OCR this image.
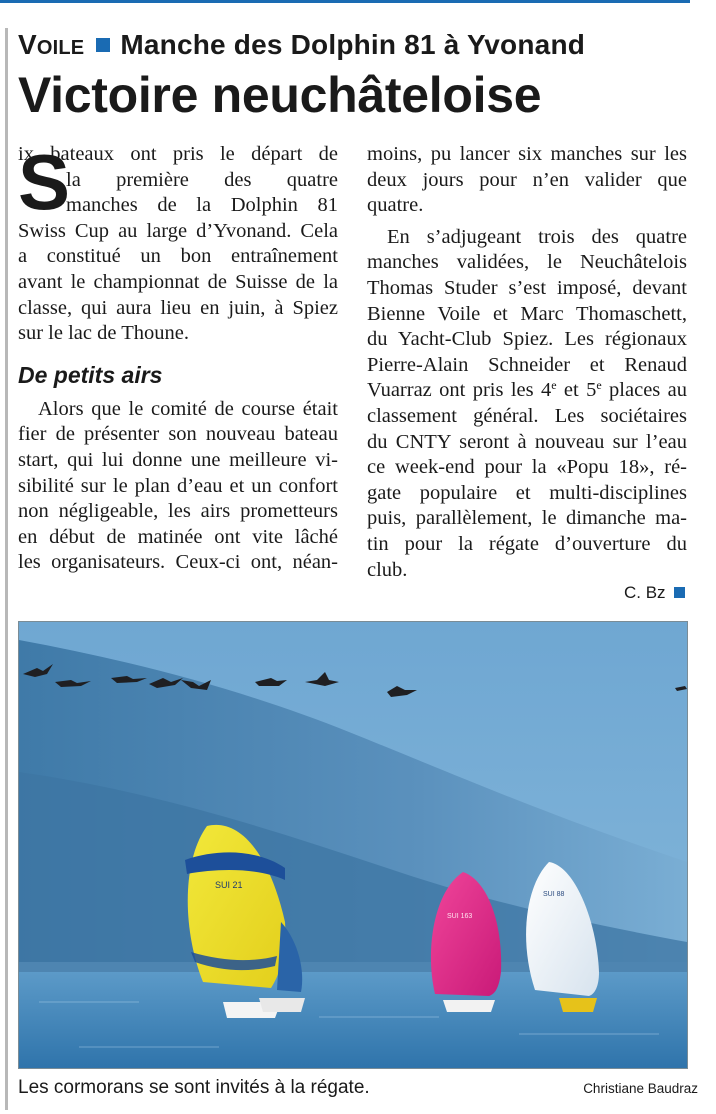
Voile Manche des Dolphin 81 à Yvonand
Victoire neuchâteloise
S
ix bateaux ont pris le départ de
la première des quatre
manches de la Dolphin 81
Swiss Cup au large d’Yvonand. Cela
a constitué un bon entraînement
avant le championnat de Suisse de la
classe, qui aura lieu en juin, à Spiez
sur le lac de Thoune.
De petits airs
Alors que le comité de course était
fier de présenter son nouveau bateau
start, qui lui donne une meilleure vi-
sibilité sur le plan d’eau et un confort
non négligeable, les airs prometteurs
en début de matinée ont vite lâché
les organisateurs. Ceux-ci ont, néan-
moins, pu lancer six manches sur les
deux jours pour n’en valider que
quatre.
En s’adjugeant trois des quatre
manches validées, le Neuchâtelois
Thomas Studer s’est imposé, devant
Bienne Voile et Marc Thomaschett,
du Yacht-Club Spiez. Les régionaux
Pierre-Alain Schneider et Renaud
Vuarraz ont pris les 4e et 5e places au
classement général. Les sociétaires
du CNTY seront à nouveau sur l’eau
ce week-end pour la «Popu 18», ré-
gate populaire et multi-disciplines
puis, parallèlement, le dimanche ma-
tin pour la régate d’ouverture du
club.
C. Bz
SUI 21
SUI 163
SUI 88
Les cormorans se sont invités à la régate.	Christiane Baudraz
